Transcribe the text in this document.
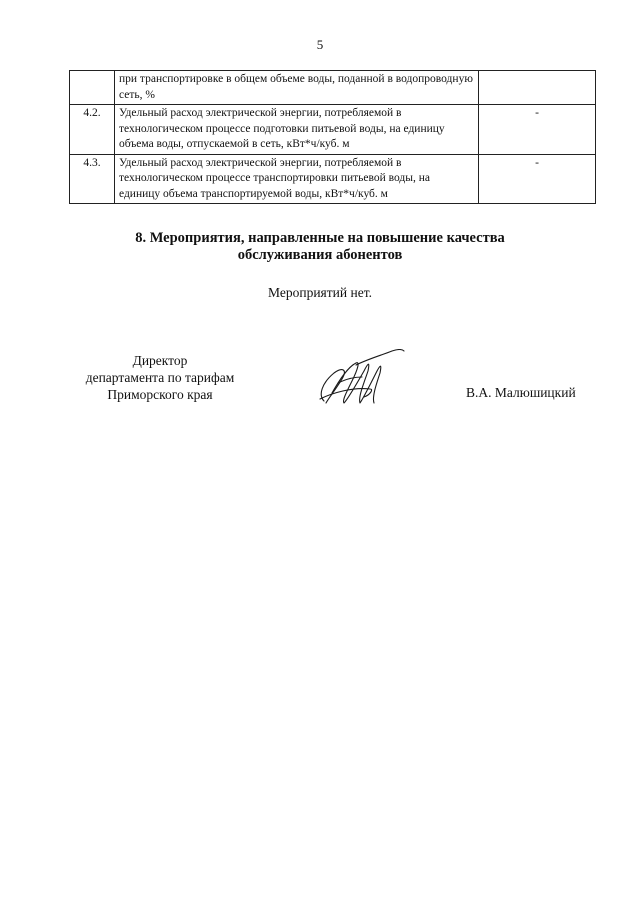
5
	при транспортировке в общем объеме воды, поданной в водопроводную сеть, %	
4.2.	Удельный расход электрической энергии, потребляемой в технологическом процессе подготовки питьевой воды, на единицу объема воды, отпускаемой в сеть, кВт*ч/куб. м	-
4.3.	Удельный расход электрической энергии, потребляемой в технологическом процессе транспортировки питьевой воды, на единицу объема транспортируемой воды, кВт*ч/куб. м	-
8. Мероприятия, направленные на повышение качества
обслуживания абонентов
Мероприятий нет.
Директор
департамента по тарифам
Приморского края	В.А. Малюшицкий
